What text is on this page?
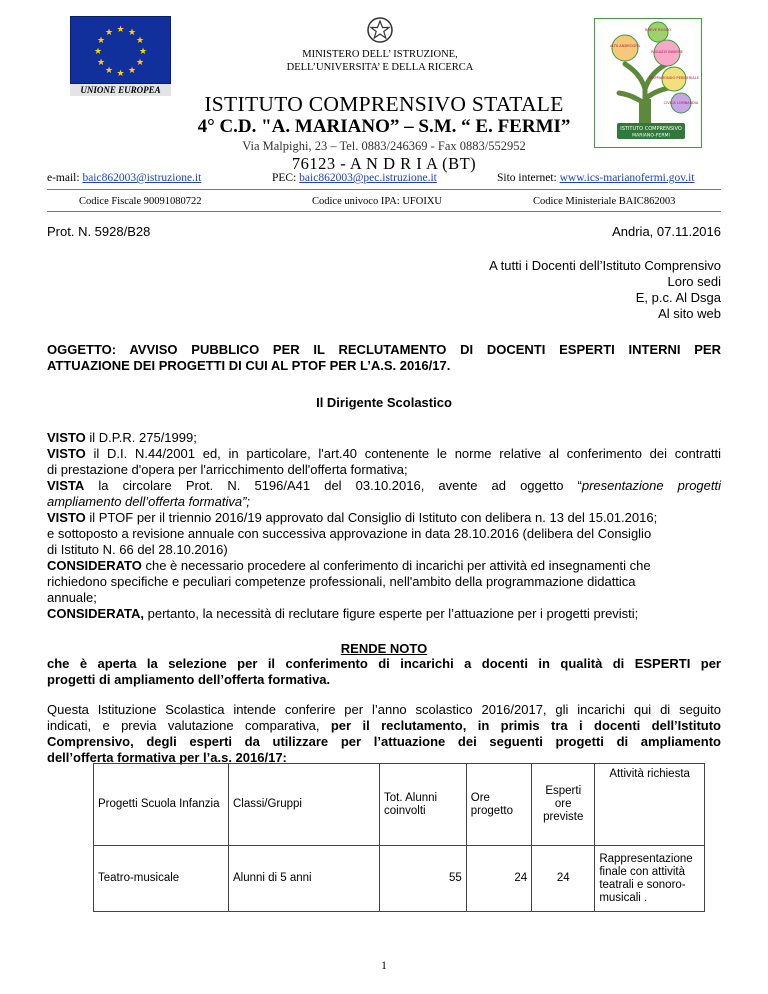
★ ★
★
★
★
★
★
★
★
★
★
★
UNIONE EUROPEA
MINISTERO DELL’ ISTRUZIONE,
DELL’UNIVERSITA’ E DELLA RICERCA
BREVE ROSSO
ALTA ANDROGRA
RAGAZZI INSIEME
MAPPAMONDO PERIFERIALE
CIVICA LOMBARDIA
ISTITUTO COMPRENSIVO
MARIANO-FERMI
ISTITUTO COMPRENSIVO STATALE
4° C.D. "A. MARIANO” – S.M. “ E. FERMI”
Via Malpighi, 23 – Tel. 0883/246369 - Fax 0883/552952
76123 - A N D R I A (BT)
e-mail: baic862003@istruzione.it	PEC: baic862003@pec.istruzione.it	Sito internet: www.ics-marianofermi.gov.it
Codice Fiscale 90091080722	Codice univoco IPA: UFOIXU	Codice Ministeriale BAIC862003
Prot. N. 5928/B28	Andria, 07.11.2016
A tutti i Docenti dell’Istituto Comprensivo
Loro sedi
E, p.c. Al Dsga
Al sito web
OGGETTO: AVVISO PUBBLICO PER IL RECLUTAMENTO DI DOCENTI ESPERTI INTERNI PER
ATTUAZIONE DEI PROGETTI DI CUI AL PTOF PER L’A.S. 2016/17.
Il Dirigente Scolastico
VISTO il D.P.R. 275/1999;
VISTO il D.I. N.44/2001 ed, in particolare, l'art.40 contenente le norme relative al conferimento dei contratti
di prestazione d'opera per l'arricchimento dell'offerta formativa;
VISTA la circolare Prot. N. 5196/A41 del 03.10.2016, avente ad oggetto “presentazione progetti
ampliamento dell’offerta formativa”;
VISTO il PTOF per il triennio 2016/19 approvato dal Consiglio di Istituto con delibera n. 13 del 15.01.2016;
e sottoposto a revisione annuale con successiva approvazione in data 28.10.2016 (delibera del Consiglio
di Istituto N. 66 del 28.10.2016)
CONSIDERATO che è necessario procedere al conferimento di incarichi per attività ed insegnamenti che
richiedono specifiche e peculiari competenze professionali, nell'ambito della programmazione didattica
annuale;
CONSIDERATA, pertanto, la necessità di reclutare figure esperte per l’attuazione per i progetti previsti;
RENDE NOTO
che è aperta la selezione per il conferimento di incarichi a docenti in qualità di ESPERTI per
progetti di ampliamento dell’offerta formativa.
Questa Istituzione Scolastica intende conferire per l’anno scolastico 2016/2017, gli incarichi qui di seguito
indicati, e previa valutazione comparativa, per il reclutamento, in primis tra i docenti dell’Istituto
Comprensivo, degli esperti da utilizzare per l’attuazione dei seguenti progetti di ampliamento
dell’offerta formativa per l’a.s. 2016/17:
Progetti Scuola Infanzia	Classi/Gruppi	Tot. Alunni coinvolti	Ore progetto	Esperti ore previste	Attività richiesta
Teatro-musicale	Alunni di 5 anni	55	24	24	Rappresentazione finale con attività teatrali e sonoro-musicali .
1
